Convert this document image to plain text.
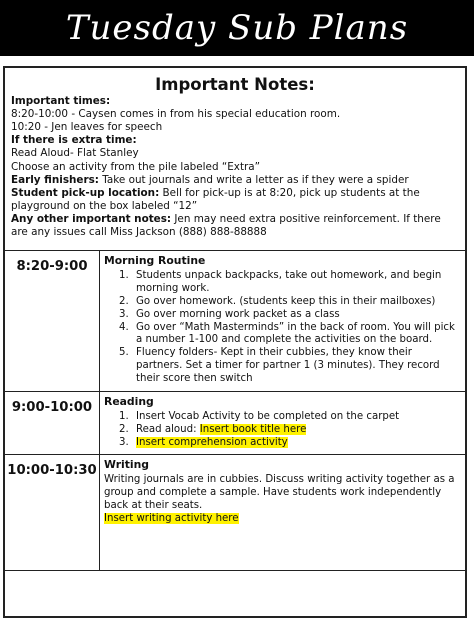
Tuesday Sub Plans
Important Notes:

Important times:

8:20-10:00 - Caysen comes in from his special education room.

10:20 - Jen leaves for speech

If there is extra time:

Read Aloud- Flat Stanley

Choose an activity from the pile labeled “Extra”

Early finishers: Take out journals and write a letter as if they were a spider

Student pick-up location: Bell for pick-up is at 8:20, pick up students at the playground on the box labeled “12”

Any other important notes: Jen may need extra positive reinforcement. If there are any issues call Miss Jackson (888) 888-88888

8:20-9:00	Morning Routine
1. Students unpack backpacks, take out homework, and begin morning work.
2. Go over homework. (students keep this in their mailboxes)
3. Go over morning work packet as a class
4. Go over “Math Masterminds” in the back of room. You will pick a number 1-100 and complete the activities on the board.
5. Fluency folders- Kept in their cubbies, they know their partners. Set a timer for partner 1 (3 minutes). They record their score then switch
9:00-10:00	Reading
1. Insert Vocab Activity to be completed on the carpet
2. Read aloud: Insert book title here
3. Insert comprehension activity
10:00-10:30 Writing

Writing journals are in cubbies. Discuss writing activity together as a group and complete a sample. Have students work independently back at their seats.

Insert writing activity here
